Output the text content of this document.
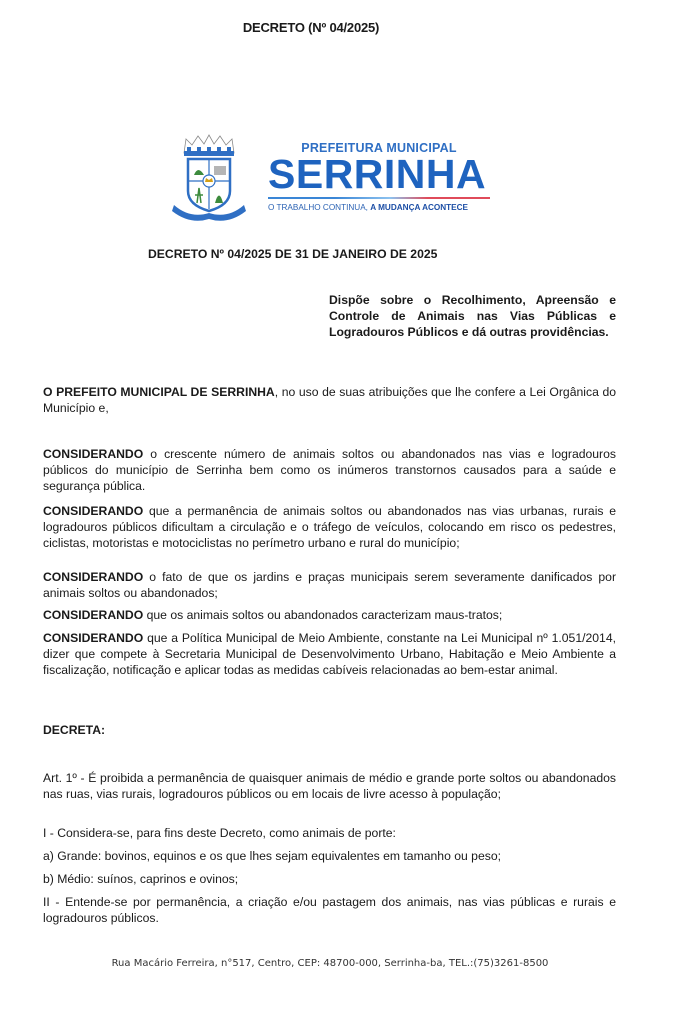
DECRETO (Nº 04/2025)
PREFEITURA MUNICIPAL
SERRINHA
O TRABALHO CONTINUA, A MUDANÇA ACONTECE
DECRETO Nº 04/2025 DE 31 DE JANEIRO DE 2025
Dispõe sobre o Recolhimento, Apreensão e Controle de Animais nas Vias Públicas e Logradouros Públicos e dá outras providências.
O PREFEITO MUNICIPAL DE SERRINHA, no uso de suas atribuições que lhe confere a Lei Orgânica do Município e,
CONSIDERANDO o crescente número de animais soltos ou abandonados nas vias e logradouros públicos do município de Serrinha bem como os inúmeros transtornos causados para a saúde e segurança pública.
CONSIDERANDO que a permanência de animais soltos ou abandonados nas vias urbanas, rurais e logradouros públicos dificultam a circulação e o tráfego de veículos, colocando em risco os pedestres, ciclistas, motoristas e motociclistas no perímetro urbano e rural do município;
CONSIDERANDO o fato de que os jardins e praças municipais serem severamente danificados por animais soltos ou abandonados;
CONSIDERANDO que os animais soltos ou abandonados caracterizam maus-tratos;
CONSIDERANDO que a Política Municipal de Meio Ambiente, constante na Lei Municipal nº 1.051/2014, dizer que compete à Secretaria Municipal de Desenvolvimento Urbano, Habitação e Meio Ambiente a fiscalização, notificação e aplicar todas as medidas cabíveis relacionadas ao bem-estar animal.
DECRETA:
Art. 1º - É proibida a permanência de quaisquer animais de médio e grande porte soltos ou abandonados nas ruas, vias rurais, logradouros públicos ou em locais de livre acesso à população;
I - Considera-se, para fins deste Decreto, como animais de porte:
a) Grande: bovinos, equinos e os que lhes sejam equivalentes em tamanho ou peso;
b) Médio: suínos, caprinos e ovinos;
II - Entende-se por permanência, a criação e/ou pastagem dos animais, nas vias públicas e rurais e logradouros públicos.
Rua Macário Ferreira, n°517, Centro, CEP: 48700-000, Serrinha-ba, TEL.:(75)3261-8500
